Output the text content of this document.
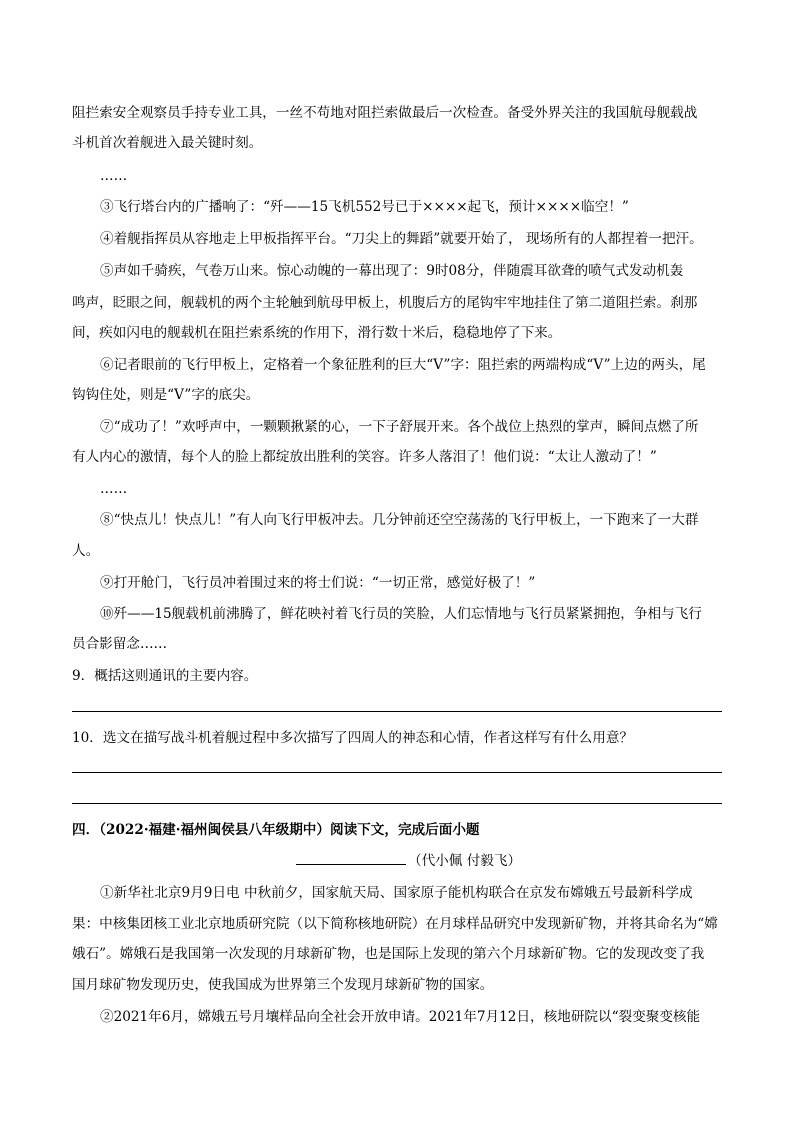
阻拦索安全观察员手持专业工具，一丝不苟地对阻拦索做最后一次检查。备受外界关注的我国航母舰载战
斗机首次着舰进入最关键时刻。
……
③飞行塔台内的广播响了：“歼——15飞机552号已于××××起飞，预计××××临空！”
④着舰指挥员从容地走上甲板指挥平台。“刀尖上的舞蹈”就要开始了， 现场所有的人都捏着一把汗。
⑤声如千骑疾，气卷万山来。惊心动魄的一幕出现了：9时08分，伴随震耳欲聋的喷气式发动机轰
鸣声，眨眼之间，舰载机的两个主轮触到航母甲板上，机腹后方的尾钩牢牢地挂住了第二道阻拦索。刹那
间，疾如闪电的舰载机在阻拦索系统的作用下，滑行数十米后，稳稳地停了下来。
⑥记者眼前的飞行甲板上，定格着一个象征胜利的巨大“V”字：阻拦索的两端构成“V”上边的两头，尾
钩钩住处，则是“V”字的底尖。
⑦“成功了！”欢呼声中，一颗颗揪紧的心，一下子舒展开来。各个战位上热烈的掌声，瞬间点燃了所
有人内心的激情，每个人的脸上都绽放出胜利的笑容。许多人落泪了！他们说：“太让人激动了！”
……
⑧“快点儿！快点儿！”有人向飞行甲板冲去。几分钟前还空空荡荡的飞行甲板上，一下跑来了一大群
人。
⑨打开舱门，飞行员冲着围过来的将士们说：“一切正常，感觉好极了！”
⑩歼——15舰载机前沸腾了，鲜花映衬着飞行员的笑脸，人们忘情地与飞行员紧紧拥抱，争相与飞行
员合影留念……
9．概括这则通讯的主要内容。
10．选文在描写战斗机着舰过程中多次描写了四周人的神态和心情，作者这样写有什么用意？
四．（2022·福建·福州闽侯县八年级期中）阅读下文，完成后面小题
（代小佩 付毅飞）
①新华社北京9月9日电 中秋前夕，国家航天局、国家原子能机构联合在京发布嫦娥五号最新科学成
果：中核集团核工业北京地质研究院（以下简称核地研院）在月球样品研究中发现新矿物，并将其命名为“嫦
娥石”。嫦娥石是我国第一次发现的月球新矿物，也是国际上发现的第六个月球新矿物。它的发现改变了我
国月球矿物发现历史，使我国成为世界第三个发现月球新矿物的国家。
②2021年6月，嫦娥五号月壤样品向全社会开放申请。2021年7月12日，核地研院以“裂变聚变核能
